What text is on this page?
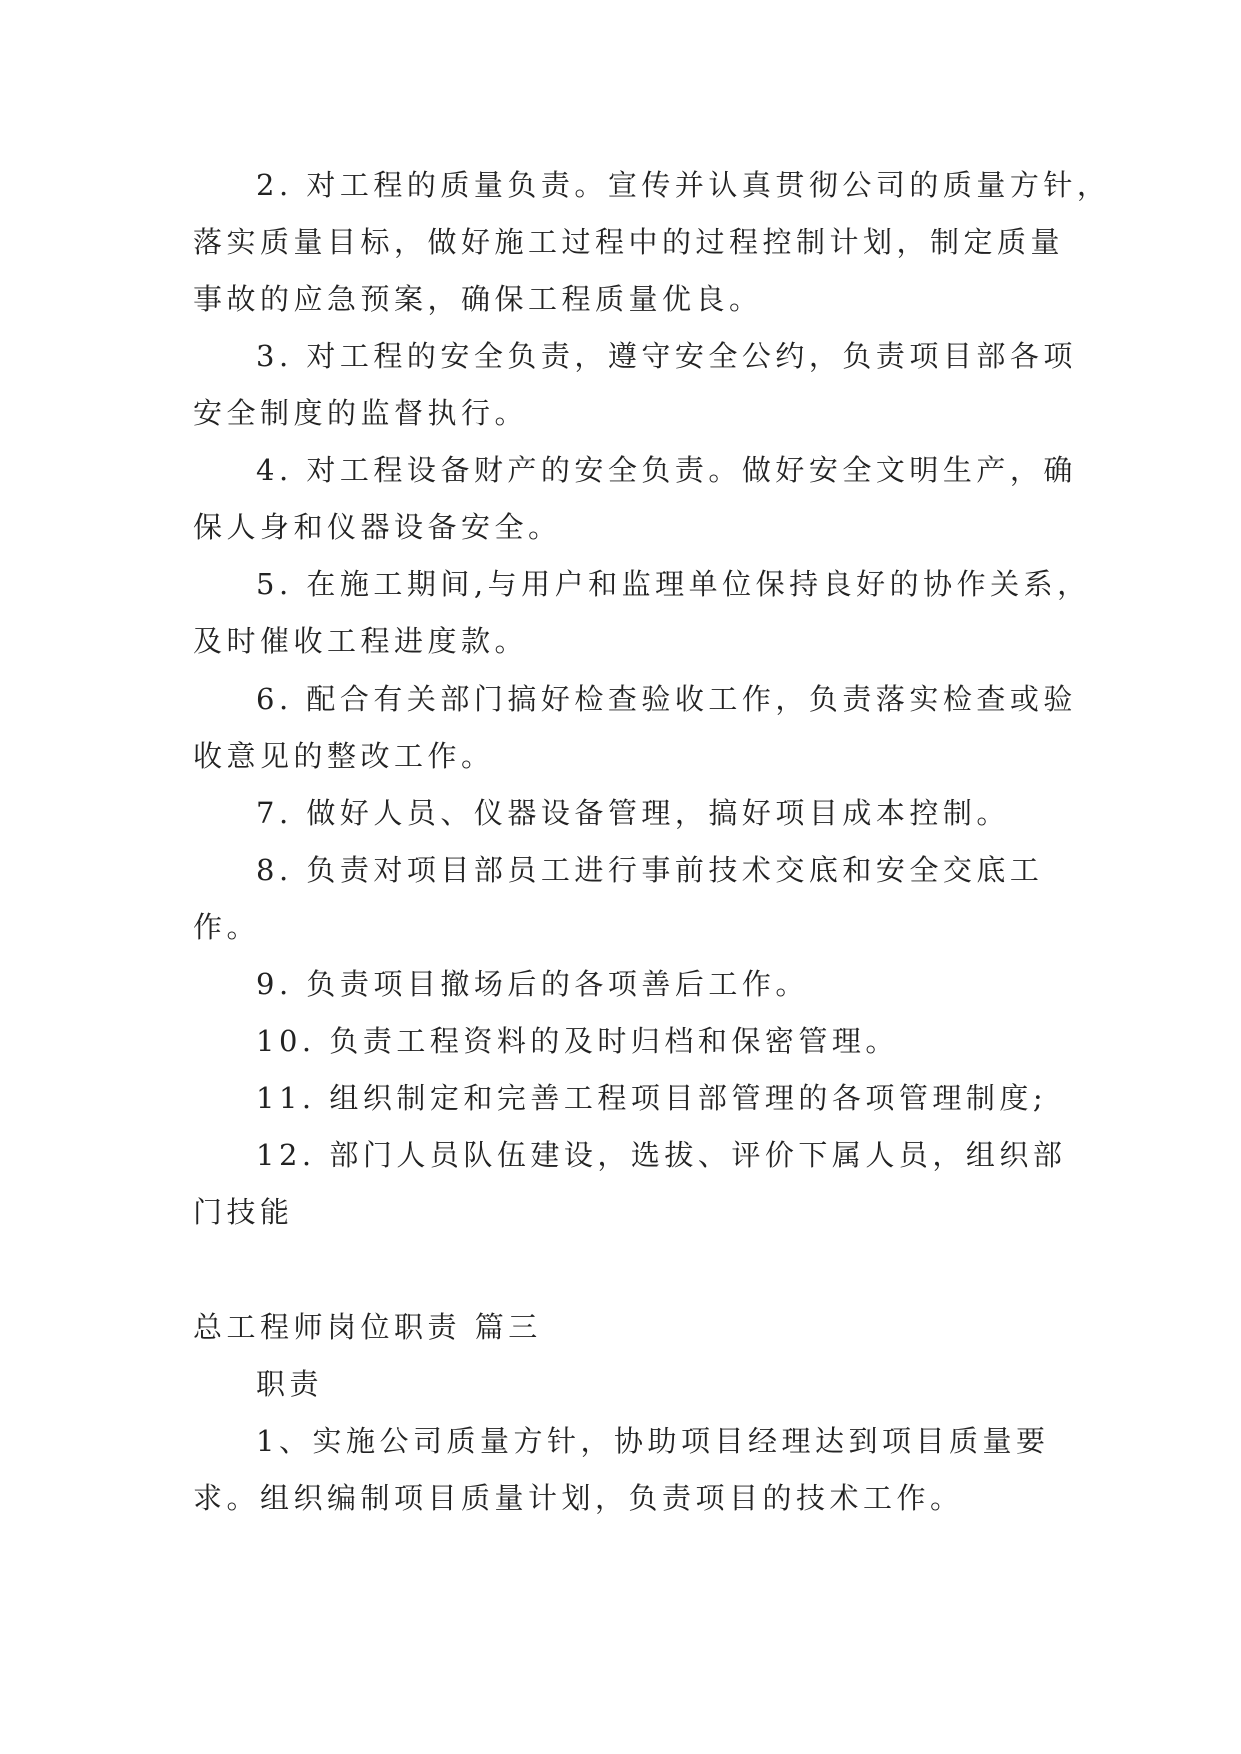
2. 对工程的质量负责。宣传并认真贯彻公司的质量方针，
落实质量目标，做好施工过程中的过程控制计划，制定质量
事故的应急预案，确保工程质量优良。
3. 对工程的安全负责，遵守安全公约，负责项目部各项
安全制度的监督执行。
4. 对工程设备财产的安全负责。做好安全文明生产，确
保人身和仪器设备安全。
5. 在施工期间,与用户和监理单位保持良好的协作关系，
及时催收工程进度款。
6. 配合有关部门搞好检查验收工作，负责落实检查或验
收意见的整改工作。
7. 做好人员、仪器设备管理，搞好项目成本控制。
8. 负责对项目部员工进行事前技术交底和安全交底工
作。
9. 负责项目撤场后的各项善后工作。
10. 负责工程资料的及时归档和保密管理。
11. 组织制定和完善工程项目部管理的各项管理制度;
12. 部门人员队伍建设，选拔、评价下属人员，组织部
门技能
总工程师岗位职责 篇三
职责
1、实施公司质量方针，协助项目经理达到项目质量要
求。组织编制项目质量计划，负责项目的技术工作。
